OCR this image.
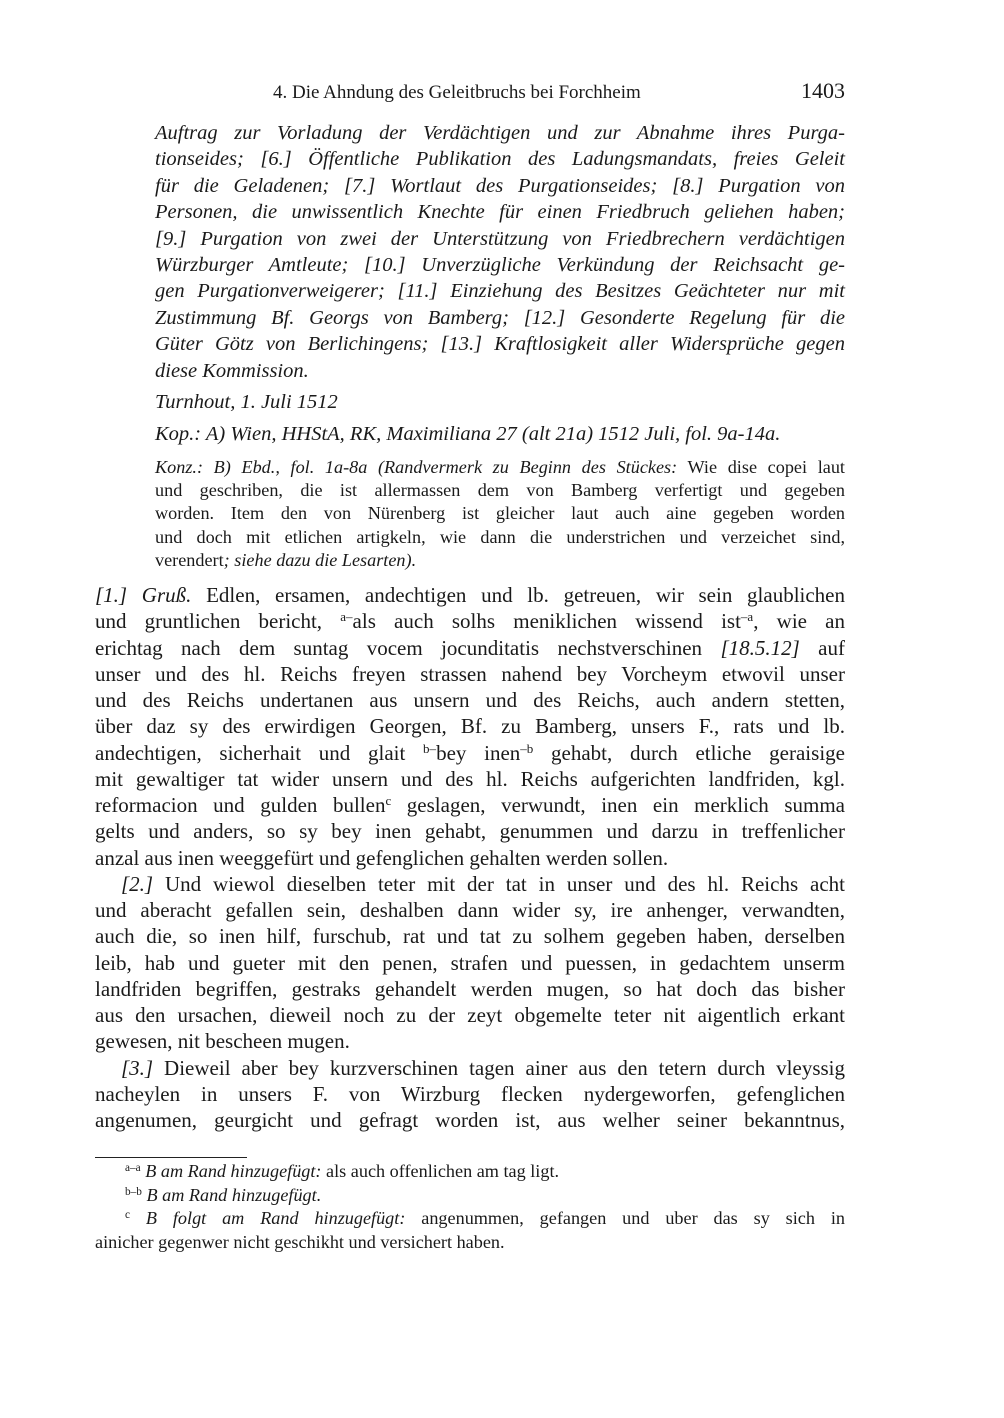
4. Die Ahndung des Geleitbruchs bei Forchheim	1403
Auftrag zur Vorladung der Verdächtigen und zur Abnahme ihres Purga-
tionseides; [6.] Öffentliche Publikation des Ladungsmandats, freies Geleit
für die Geladenen; [7.] Wortlaut des Purgationseides; [8.] Purgation von
Personen, die unwissentlich Knechte für einen Friedbruch geliehen haben;
[9.] Purgation von zwei der Unterstützung von Friedbrechern verdächtigen
Würzburger Amtleute; [10.] Unverzügliche Verkündung der Reichsacht ge-
gen Purgationverweigerer; [11.] Einziehung des Besitzes Geächteter nur mit
Zustimmung Bf. Georgs von Bamberg; [12.] Gesonderte Regelung für die
Güter Götz von Berlichingens; [13.] Kraftlosigkeit aller Widersprüche gegen
diese Kommission.
Turnhout, 1. Juli 1512
Kop.: A) Wien, HHStA, RK, Maximiliana 27 (alt 21a) 1512 Juli, fol. 9a-14a.
Konz.: B) Ebd., fol. 1a-8a (Randvermerk zu Beginn des Stückes: Wie dise copei laut
und geschriben, die ist allermassen dem von Bamberg verfertigt und gegeben
worden. Item den von Nürenberg ist gleicher laut auch aine gegeben worden
und doch mit etlichen artigkeln, wie dann die understrichen und verzeichet sind,
verendert; siehe dazu die Lesarten).
[1.] Gruß. Edlen, ersamen, andechtigen und lb. getreuen, wir sein glaublichen
und gruntlichen bericht, $^{a-}$als auch solhs meniklichen wissend ist$^{-a}$, wie an
erichtag nach dem suntag vocem jocunditatis nechstverschinen [18.5.12] auf
unser und des hl. Reichs freyen strassen nahend bey Vorcheym etwovil unser
und des Reichs undertanen aus unsern und des Reichs, auch andern stetten,
über daz sy des erwirdigen Georgen, Bf. zu Bamberg, unsers F., rats und lb.
andechtigen, sicherhait und glait $^{b-}$bey inen$^{-b}$ gehabt, durch etliche geraisige
mit gewaltiger tat wider unsern und des hl. Reichs aufgerichten landfriden, kgl.
reformacion und gulden bullen$^c$ geslagen, verwundt, inen ein merklich summa
gelts und anders, so sy bey inen gehabt, genummen und darzu in treffenlicher
anzal aus inen weeggefürt und gefenglichen gehalten werden sollen.
[2.] Und wiewol dieselben teter mit der tat in unser und des hl. Reichs acht
und aberacht gefallen sein, deshalben dann wider sy, ire anhenger, verwandten,
auch die, so inen hilf, furschub, rat und tat zu solhem gegeben haben, derselben
leib, hab und gueter mit den penen, strafen und puessen, in gedachtem unserm
landfriden begriffen, gestraks gehandelt werden mugen, so hat doch das bisher
aus den ursachen, dieweil noch zu der zeyt obgemelte teter nit aigentlich erkant
gewesen, nit bescheen mugen.
[3.] Dieweil aber bey kurzverschinen tagen ainer aus den tetern durch vleyssig
nacheylen in unsers F. von Wirzburg flecken nydergeworfen, gefenglichen
angenumen, geurgicht und gefragt worden ist, aus welher seiner bekanntnus,
$^{a-a}$ B am Rand hinzugefügt: als auch offenlichen am tag ligt.
$^{b-b}$ B am Rand hinzugefügt.
$^c$ B folgt am Rand hinzugefügt: angenummen, gefangen und uber das sy sich in
ainicher gegenwer nicht geschikht und versichert haben.
